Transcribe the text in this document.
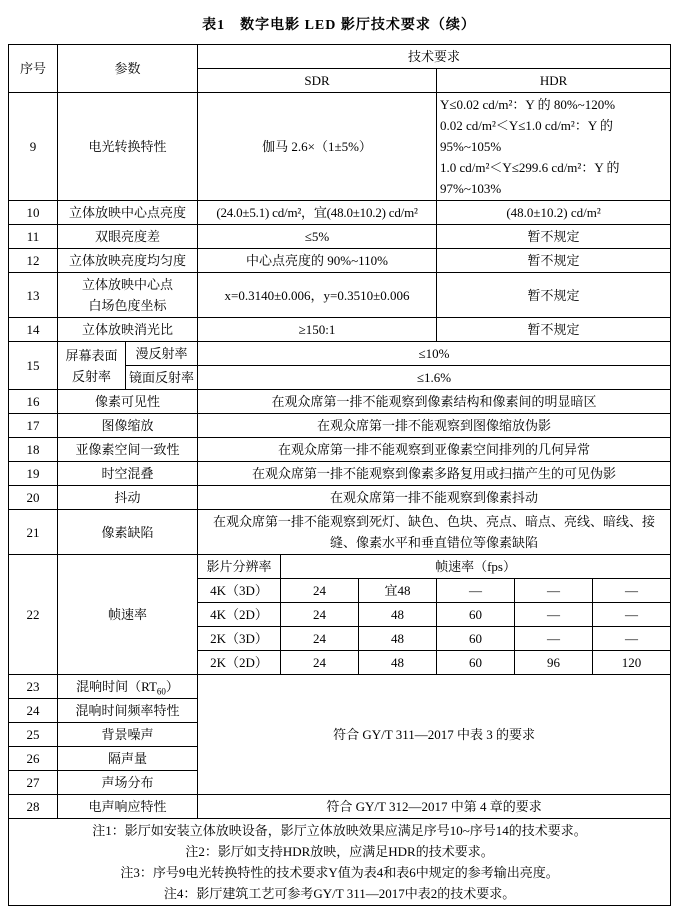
表1　数字电影 LED 影厅技术要求（续）
序号	参数		技术要求					
			SDR			HDR		
9	电光转换特性		伽马 2.6×（1±5%）			Y≤0.02 cd/m²：Y 的 80%~120%
0.02 cd/m²＜Y≤1.0 cd/m²：Y 的 95%~105%
1.0 cd/m²＜Y≤299.6 cd/m²：Y 的 97%~103%		

10	立体放映中心点亮度		(24.0±5.1) cd/m²，宜(48.0±10.2) cd/m²			(48.0±10.2) cd/m²		
11	双眼亮度差		≤5%			暂不规定		
12	立体放映亮度均匀度		中心点亮度的 90%~110%			暂不规定		
13	立体放映中心点
白场色度坐标		x=0.3140±0.006，y=0.3510±0.006			暂不规定		
14	立体放映消光比		≥150:1			暂不规定		
15	屏幕表面
反射率	漫反射率	≤10%					
		镜面反射率	≤1.6%					
16	像素可见性		在观众席第一排不能观察到像素结构和像素间的明显暗区					
17	图像缩放		在观众席第一排不能观察到图像缩放伪影					
18	亚像素空间一致性		在观众席第一排不能观察到亚像素空间排列的几何异常					
19	时空混叠		在观众席第一排不能观察到像素多路复用或扫描产生的可见伪影					
20	抖动		在观众席第一排不能观察到像素抖动					
21	像素缺陷		在观众席第一排不能观察到死灯、缺色、色块、亮点、暗点、亮线、暗线、接缝、像素水平和垂直错位等像素缺陷					
22	帧速率		影片分辨率	帧速率（fps）				
			4K（3D）	24	宜48	—	—	—
			4K（2D）	24	48	60	—	—
			2K（3D）	24	48	60	—	—
			2K（2D）	24	48	60	96	120
23	混响时间$(RT_{60})$		符合 GY/T 311—2017 中表 3 的要求					
24	混响时间频率特性							
25	背景噪声							
26	隔声量							
27	声场分布							
28	电声响应特性		符合 GY/T 312—2017 中第 4 章的要求					

注1：影厅如安装立体放映设备，影厅立体放映效果应满足序号10~序号14的技术要求。
注2：影厅如支持HDR放映，应满足HDR的技术要求。
注3：序号9电光转换特性的技术要求Y值为表4和表6中规定的参考输出亮度。
注4：影厅建筑工艺可参考GY/T 311—2017中表2的技术要求。								
